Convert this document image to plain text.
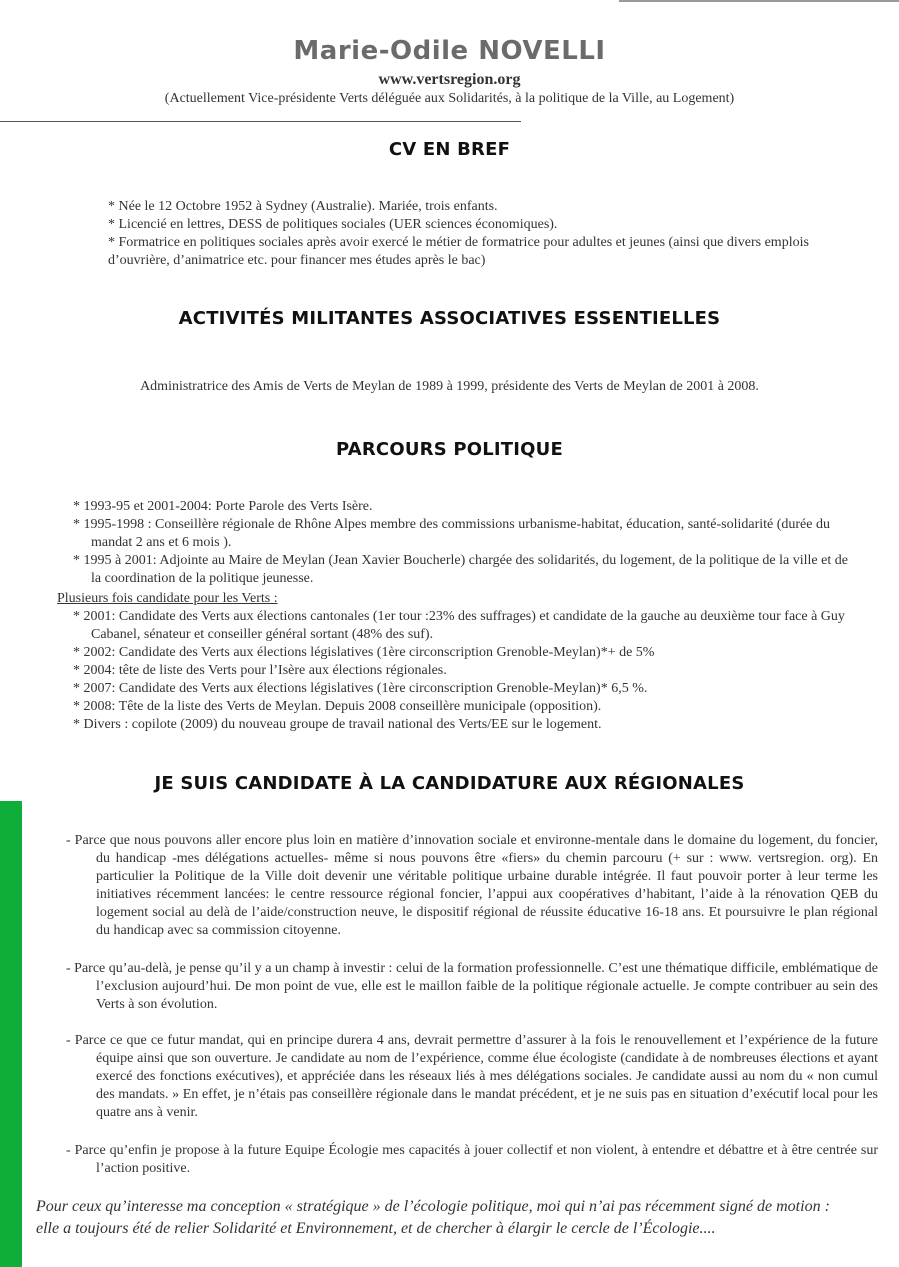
Marie-Odile NOVELLI
www.vertsregion.org
(Actuellement Vice-présidente Verts déléguée aux Solidarités, à la politique de la Ville, au Logement)
CV EN BREF
* Née le 12 Octobre 1952 à Sydney (Australie). Mariée, trois enfants.
* Licencié en lettres, DESS de politiques sociales (UER sciences économiques).
* Formatrice en politiques sociales après avoir exercé le métier de formatrice pour adultes et jeunes (ainsi que divers emplois d’ouvrière, d’animatrice etc. pour financer mes études après le bac)
ACTIVITÉS MILITANTES ASSOCIATIVES ESSENTIELLES
Administratrice des Amis de Verts de Meylan de 1989 à 1999, présidente des Verts de Meylan de 2001 à 2008.
PARCOURS POLITIQUE
* 1993-95 et 2001-2004: Porte Parole des Verts Isère.
* 1995-1998 : Conseillère régionale de Rhône Alpes membre des commissions urbanisme-habitat, éducation, santé-solidarité (durée du mandat 2 ans et 6 mois ).
* 1995 à 2001: Adjointe au Maire de Meylan (Jean Xavier Boucherle) chargée des solidarités, du logement, de la politique de la ville et de la coordination de la politique jeunesse.
Plusieurs fois candidate pour les Verts :
* 2001: Candidate des Verts aux élections cantonales (1er tour :23% des suffrages) et candidate de la gauche au deuxième tour face à Guy Cabanel, sénateur et conseiller général sortant (48% des suf).
* 2002: Candidate des Verts aux élections législatives (1ère circonscription Grenoble-Meylan)*+ de 5%
* 2004: tête de liste des Verts pour l’Isère aux élections régionales.
* 2007: Candidate des Verts aux élections législatives (1ère circonscription Grenoble-Meylan)* 6,5 %.
* 2008: Tête de la liste des Verts de Meylan. Depuis 2008 conseillère municipale (opposition).
* Divers : copilote (2009) du nouveau groupe de travail national des Verts/EE sur le logement.
JE SUIS CANDIDATE À LA CANDIDATURE AUX RÉGIONALES
- Parce que nous pouvons aller encore plus loin en matière d’innovation sociale et environne-mentale dans le domaine du logement, du foncier, du handicap -mes délégations actuelles- même si nous pouvons être «fiers» du chemin parcouru (+ sur : www. vertsregion. org). En particulier la Politique de la Ville doit devenir une véritable politique urbaine durable intégrée. Il faut pouvoir porter à leur terme les initiatives récemment lancées: le centre ressource régional foncier, l’appui aux coopératives d’habitant, l’aide à la rénovation QEB du logement social au delà de l’aide/construction neuve, le dispositif régional de réussite éducative 16-18 ans. Et poursuivre le plan régional du handicap avec sa commission citoyenne.
- Parce qu’au-delà, je pense qu’il y a un champ à investir : celui de la formation professionnelle. C’est une thématique difficile, emblématique de l’exclusion aujourd’hui. De mon point de vue, elle est le maillon faible de la politique régionale actuelle. Je compte contribuer au sein des Verts à son évolution.
- Parce ce que ce futur mandat, qui en principe durera 4 ans, devrait permettre d’assurer à la fois le renouvellement et l’expérience de la future équipe ainsi que son ouverture. Je candidate au nom de l’expérience, comme élue écologiste (candidate à de nombreuses élections et ayant exercé des fonctions exécutives), et appréciée dans les réseaux liés à mes délégations sociales. Je candidate aussi au nom du « non cumul des mandats. » En effet, je n’étais pas conseillère régionale dans le mandat précédent, et je ne suis pas en situation d’exécutif local pour les quatre ans à venir.
- Parce qu’enfin je propose à la future Equipe Écologie mes capacités à jouer collectif et non violent, à entendre et débattre et à être centrée sur l’action positive.
Pour ceux qu’interesse ma conception « stratégique » de l’écologie politique, moi qui n’ai pas récemment signé de motion : elle a toujours été de relier Solidarité et Environnement, et de chercher à élargir le cercle de l’Écologie....
